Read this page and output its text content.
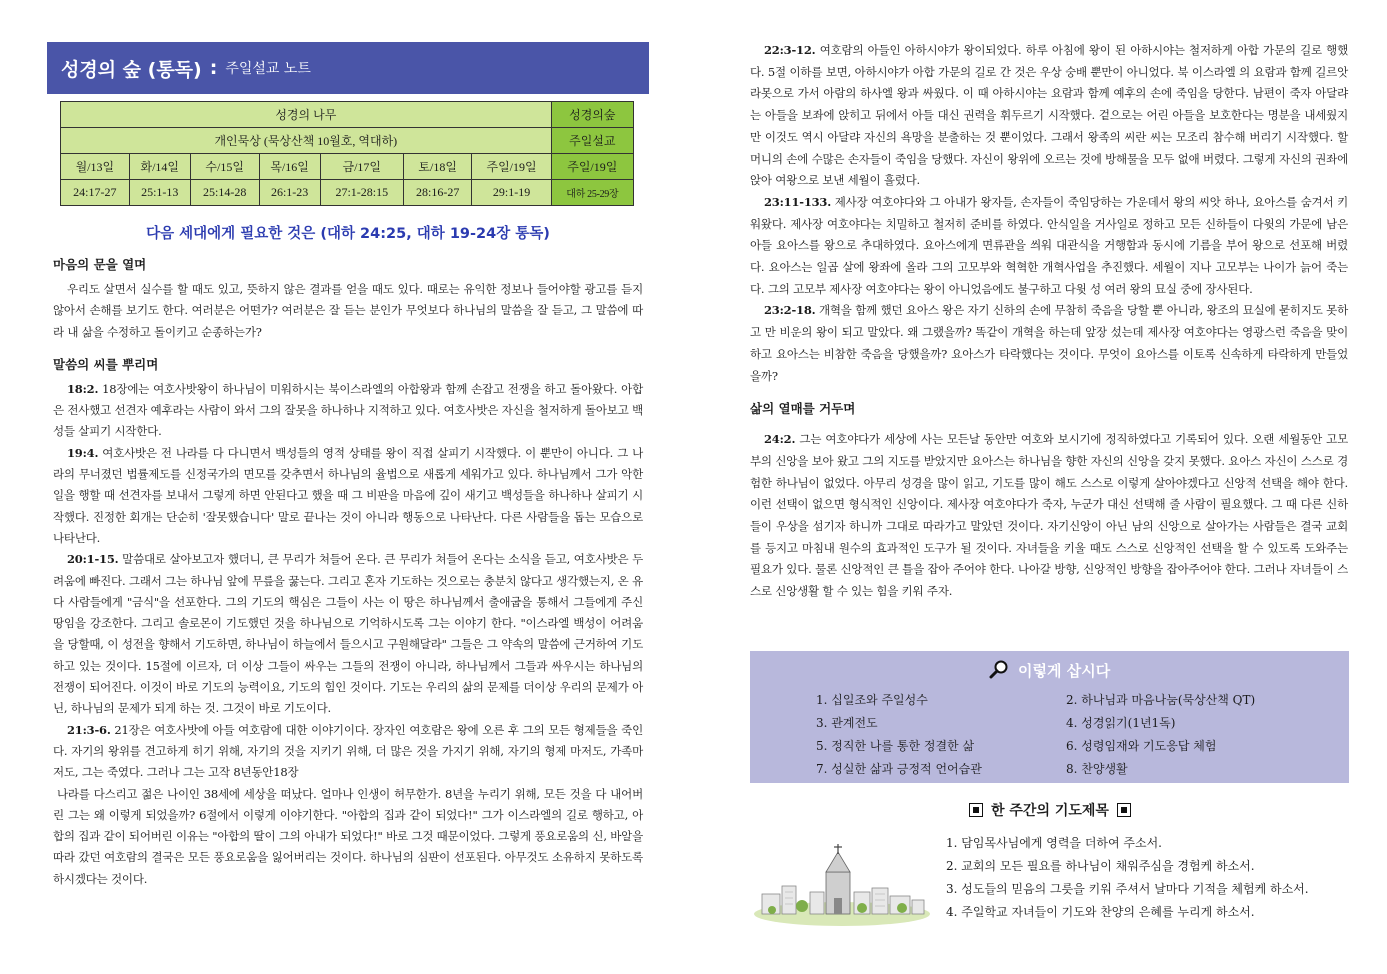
성경의 숲 (통독) : 주일설교 노트
성경의 나무							성경의숲
개인묵상 (묵상산책 10월호, 역대하)							주일설교
월/13일	화/14일	수/15일	목/16일	금/17일	토/18일	주일/19일	주일/19일
24:17-27	25:1-13	25:14-28	26:1-23	27:1-28:15	28:16-27	29:1-19	대하 25-29장
다음 세대에게 필요한 것은 (대하 24:25, 대하 19-24장 통독)
마음의 문을 열며

우리도 살면서 실수를 할 때도 있고, 뜻하지 않은 결과를 얻을 때도 있다. 때로는 유익한 정보나 들어야할 광고를 듣지 않아서 손해를 보기도 한다. 여러분은 어떤가? 여러분은 잘 듣는 분인가 무엇보다 하나님의 말씀을 잘 듣고, 그 말씀에 따라 내 삶을 수정하고 돌이키고 순종하는가?

말씀의 씨를 뿌리며

18:2. 18장에는 여호사밧왕이 하나님이 미워하시는 북이스라엘의 아합왕과 함께 손잡고 전쟁을 하고 돌아왔다. 아합은 전사했고 선견자 예후라는 사람이 와서 그의 잘못을 하나하나 지적하고 있다. 여호사밧은 자신을 철저하게 돌아보고 백성들 살피기 시작한다.

19:4. 여호사밧은 전 나라를 다 다니면서 백성들의 영적 상태를 왕이 직접 살피기 시작했다. 이 뿐만이 아니다. 그 나라의 무너졌던 법률제도를 신정국가의 면모를 갖추면서 하나님의 율법으로 새롭게 세워가고 있다. 하나님께서 그가 악한 일을 행할 때 선견자를 보내서 그렇게 하면 안된다고 했을 때 그 비판을 마음에 깊이 새기고 백성들을 하나하나 살피기 시작했다. 진정한 회개는 단순히 '잘못했습니다' 말로 끝나는 것이 아니라 행동으로 나타난다. 다른 사람들을 돕는 모습으로 나타난다.

20:1-15. 말씀대로 살아보고자 했더니, 큰 무리가 쳐들어 온다. 큰 무리가 쳐들어 온다는 소식을 듣고, 여호사밧은 두려움에 빠진다. 그래서 그는 하나님 앞에 무릎을 꿇는다. 그리고 혼자 기도하는 것으로는 충분치 않다고 생각했는지, 온 유다 사람들에게 "금식"을 선포한다. 그의 기도의 핵심은 그들이 사는 이 땅은 하나님께서 출애굽을 통해서 그들에게 주신 땅임을 강조한다. 그리고 솔로몬이 기도했던 것을 하나님으로 기억하시도록 그는 이야기 한다. "이스라엘 백성이 어려움을 당할때, 이 성전을 향해서 기도하면, 하나님이 하늘에서 들으시고 구원해달라" 그들은 그 약속의 말씀에 근거하여 기도하고 있는 것이다. 15절에 이르자, 더 이상 그들이 싸우는 그들의 전쟁이 아니라, 하나님께서 그들과 싸우시는 하나님의 전쟁이 되어진다. 이것이 바로 기도의 능력이요, 기도의 힘인 것이다. 기도는 우리의 삶의 문제를 더이상 우리의 문제가 아닌, 하나님의 문제가 되게 하는 것. 그것이 바로 기도이다.

21:3-6. 21장은 여호사밧에 아들 여호람에 대한 이야기이다. 장자인 여호람은 왕에 오른 후 그의 모든 형제들을 죽인다. 자기의 왕위를 견고하게 히기 위해, 자기의 것을 지키기 위해, 더 많은 것을 가지기 위해, 자기의 형제 마저도, 가족마저도, 그는 죽였다. 그러나 그는 고작 8년동안18장

나라를 다스리고 젊은 나이인 38세에 세상을 떠났다. 얼마나 인생이 허무한가. 8년을 누리기 위해, 모든 것을 다 내어버린 그는 왜 이렇게 되었을까? 6절에서 이렇게 이야기한다. "아합의 집과 같이 되었다!" 그가 이스라엘의 길로 행하고, 아합의 집과 같이 되어버린 이유는 "아합의 딸이 그의 아내가 되었다!" 바로 그것 때문이었다. 그렇게 풍요로움의 신, 바알을 따라 갔던 여호람의 결국은 모든 풍요로움을 잃어버리는 것이다. 하나님의 심판이 선포된다. 아무것도 소유하지 못하도록 하시겠다는 것이다.

22:3-12. 여호람의 아들인 아하시야가 왕이되었다. 하루 아침에 왕이 된 아하시야는 철저하게 아합 가문의 길로 행했다. 5절 이하를 보면, 아하시야가 아합 가문의 길로 간 것은 우상 숭배 뿐만이 아니었다. 북 이스라엘 의 요람과 함께 길르앗 라못으로 가서 아람의 하사엘 왕과 싸웠다. 이 때 아하시야는 요람과 함께 예후의 손에 죽임을 당한다. 남편이 죽자 아달랴는 아들을 보좌에 앉히고 뒤에서 아들 대신 권력을 휘두르기 시작했다. 겉으로는 어린 아들을 보호한다는 명분을 내세웠지만 이것도 역시 아달랴 자신의 욕망을 분출하는 것 뿐이었다. 그래서 왕족의 씨란 씨는 모조리 참수해 버리기 시작했다. 할머니의 손에 수많은 손자들이 죽임을 당했다. 자신이 왕위에 오르는 것에 방해물을 모두 없애 버렸다. 그렇게 자신의 권좌에 앉아 여왕으로 보낸 세월이 흘렀다.

23:11-133. 제사장 여호야다와 그 아내가 왕자들, 손자들이 죽임당하는 가운데서 왕의 씨앗 하나, 요아스를 숨겨서 키워왔다. 제사장 여호야다는 치밀하고 철저히 준비를 하였다. 안식일을 거사일로 정하고 모든 신하들이 다윗의 가문에 남은 아들 요아스를 왕으로 추대하였다. 요아스에게 면류관을 씌워 대관식을 거행함과 동시에 기름을 부어 왕으로 선포해 버렸다. 요아스는 일곱 살에 왕좌에 올라 그의 고모부와 혁혁한 개혁사업을 추진했다. 세월이 지나 고모부는 나이가 늙어 죽는다. 그의 고모부 제사장 여호야다는 왕이 아니었음에도 불구하고 다윗 성 여러 왕의 묘실 중에 장사된다.

23:2-18. 개혁을 함께 했던 요아스 왕은 자기 신하의 손에 무참히 죽음을 당할 뿐 아니라, 왕조의 묘실에 묻히지도 못하고 만 비운의 왕이 되고 말았다. 왜 그랬을까? 똑같이 개혁을 하는데 앞장 섰는데 제사장 여호야다는 영광스런 죽음을 맞이하고 요아스는 비참한 죽음을 당했을까? 요아스가 타락했다는 것이다. 무엇이 요아스를 이토록 신속하게 타락하게 만들었을까?

삶의 열매를 거두며

24:2. 그는 여호야다가 세상에 사는 모든날 동안만 여호와 보시기에 정직하였다고 기록되어 있다. 오랜 세월동안 고모부의 신앙을 보아 왔고 그의 지도를 받았지만 요아스는 하나님을 향한 자신의 신앙을 갖지 못했다. 요아스 자신이 스스로 경험한 하나님이 없었다. 아무리 성경을 많이 읽고, 기도를 많이 해도 스스로 이렇게 살아야겠다고 신앙적 선택을 해야 한다. 이런 선택이 없으면 형식적인 신앙이다. 제사장 여호야다가 죽자, 누군가 대신 선택해 줄 사람이 필요했다. 그 때 다른 신하들이 우상을 섬기자 하니까 그대로 따라가고 말았던 것이다. 자기신앙이 아닌 남의 신앙으로 살아가는 사람들은 결국 교회를 등지고 마침내 원수의 효과적인 도구가 될 것이다. 자녀들을 키울 때도 스스로 신앙적인 선택을 할 수 있도록 도와주는 필요가 있다. 물론 신앙적인 큰 틀을 잡아 주어야 한다. 나아갈 방향, 신앙적인 방향을 잡아주어야 한다. 그러나 자녀들이 스스로 신앙생활 할 수 있는 힘을 키워 주자.

이렇게 삽시다
1. 십일조와 주일성수	2. 하나님과 마음나눔(묵상산책 QT)
3. 관계전도	4. 성경읽기(1년1독)
5. 정직한 나를 통한 정결한 삶	6. 성령임재와 기도응답 체험
7. 성실한 삶과 긍정적 언어습관	8. 찬양생활
한 주간의 기도제목
1. 담임목사님에게 영력을 더하여 주소서.
2. 교회의 모든 필요를 하나님이 채워주심을 경험케 하소서.
3. 성도들의 믿음의 그릇을 키워 주셔서 날마다 기적을 체험케 하소서.
4. 주일학교 자녀들이 기도와 찬양의 은혜를 누리게 하소서.
